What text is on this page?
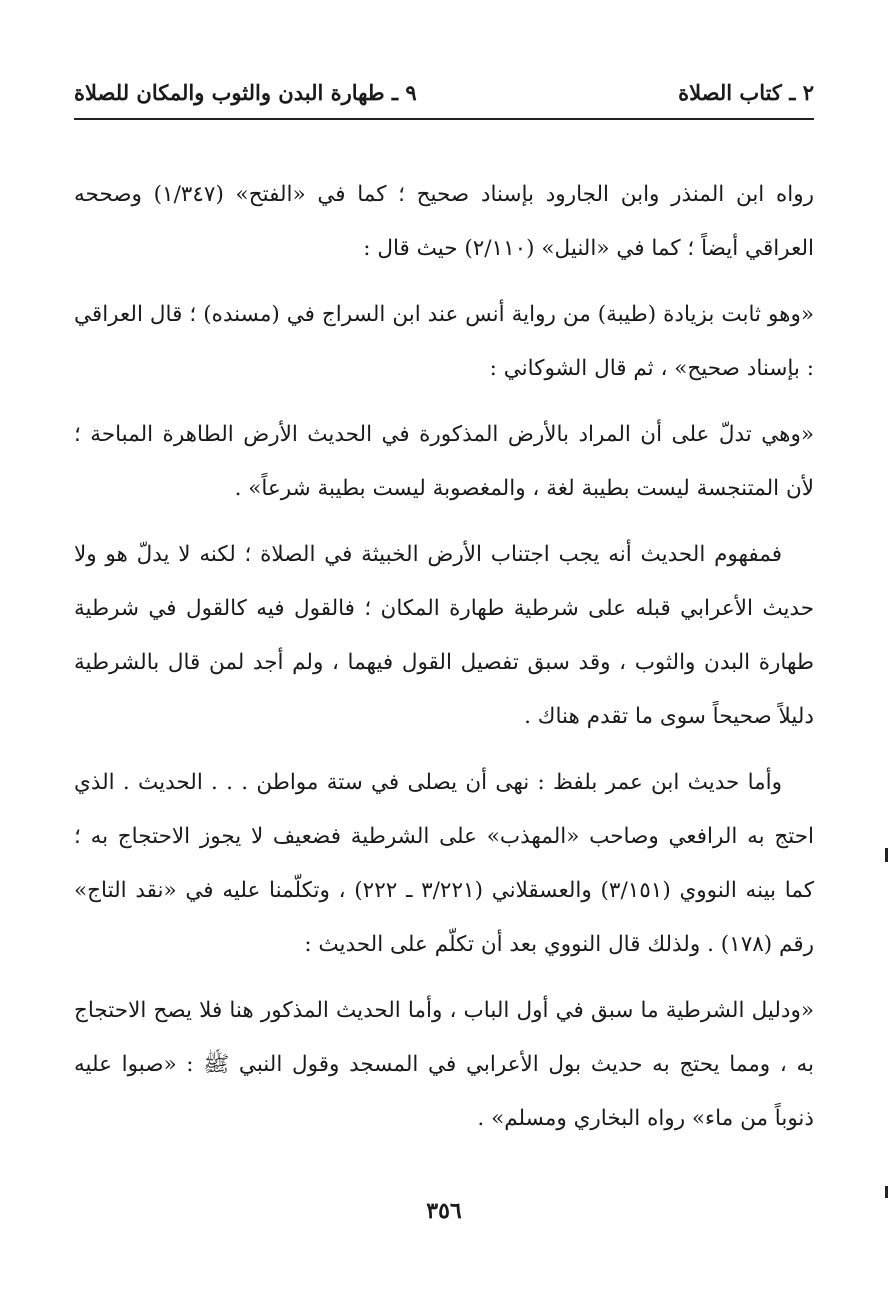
٢ ـ كتاب الصلاة
٩ ـ طهارة البدن والثوب والمكان للصلاة

رواه ابن المنذر وابن الجارود بإسناد صحيح ؛ كما في «الفتح» (١/٣٤٧) وصححه العراقي أيضاً ؛ كما في «النيل» (٢/١١٠) حيث قال :

«وهو ثابت بزيادة (طيبة) من رواية أنس عند ابن السراج في (مسنده) ؛ قال العراقي : بإسناد صحيح» ، ثم قال الشوكاني :

«وهي تدلّ على أن المراد بالأرض المذكورة في الحديث الأرض الطاهرة المباحة ؛ لأن المتنجسة ليست بطيبة لغة ، والمغصوبة ليست بطيبة شرعاً» .

فمفهوم الحديث أنه يجب اجتناب الأرض الخبيثة في الصلاة ؛ لكنه لا يدلّ هو ولا حديث الأعرابي قبله على شرطية طهارة المكان ؛ فالقول فيه كالقول في شرطية طهارة البدن والثوب ، وقد سبق تفصيل القول فيهما ، ولم أجد لمن قال بالشرطية دليلاً صحيحاً سوى ما تقدم هناك .

وأما حديث ابن عمر بلفظ : نهى أن يصلى في ستة مواطن . . . الحديث . الذي احتج به الرافعي وصاحب «المهذب» على الشرطية فضعيف لا يجوز الاحتجاج به ؛ كما بينه النووي (٣/١٥١) والعسقلاني (٣/٢٢١ ـ ٢٢٢) ، وتكلّمنا عليه في «نقد التاج» رقم (١٧٨) . ولذلك قال النووي بعد أن تكلّم على الحديث :

«ودليل الشرطية ما سبق في أول الباب ، وأما الحديث المذكور هنا فلا يصح الاحتجاج به ، ومما يحتج به حديث بول الأعرابي في المسجد وقول النبي ﷺ : «صبوا عليه ذنوباً من ماء» رواه البخاري ومسلم» .

٣٥٦
